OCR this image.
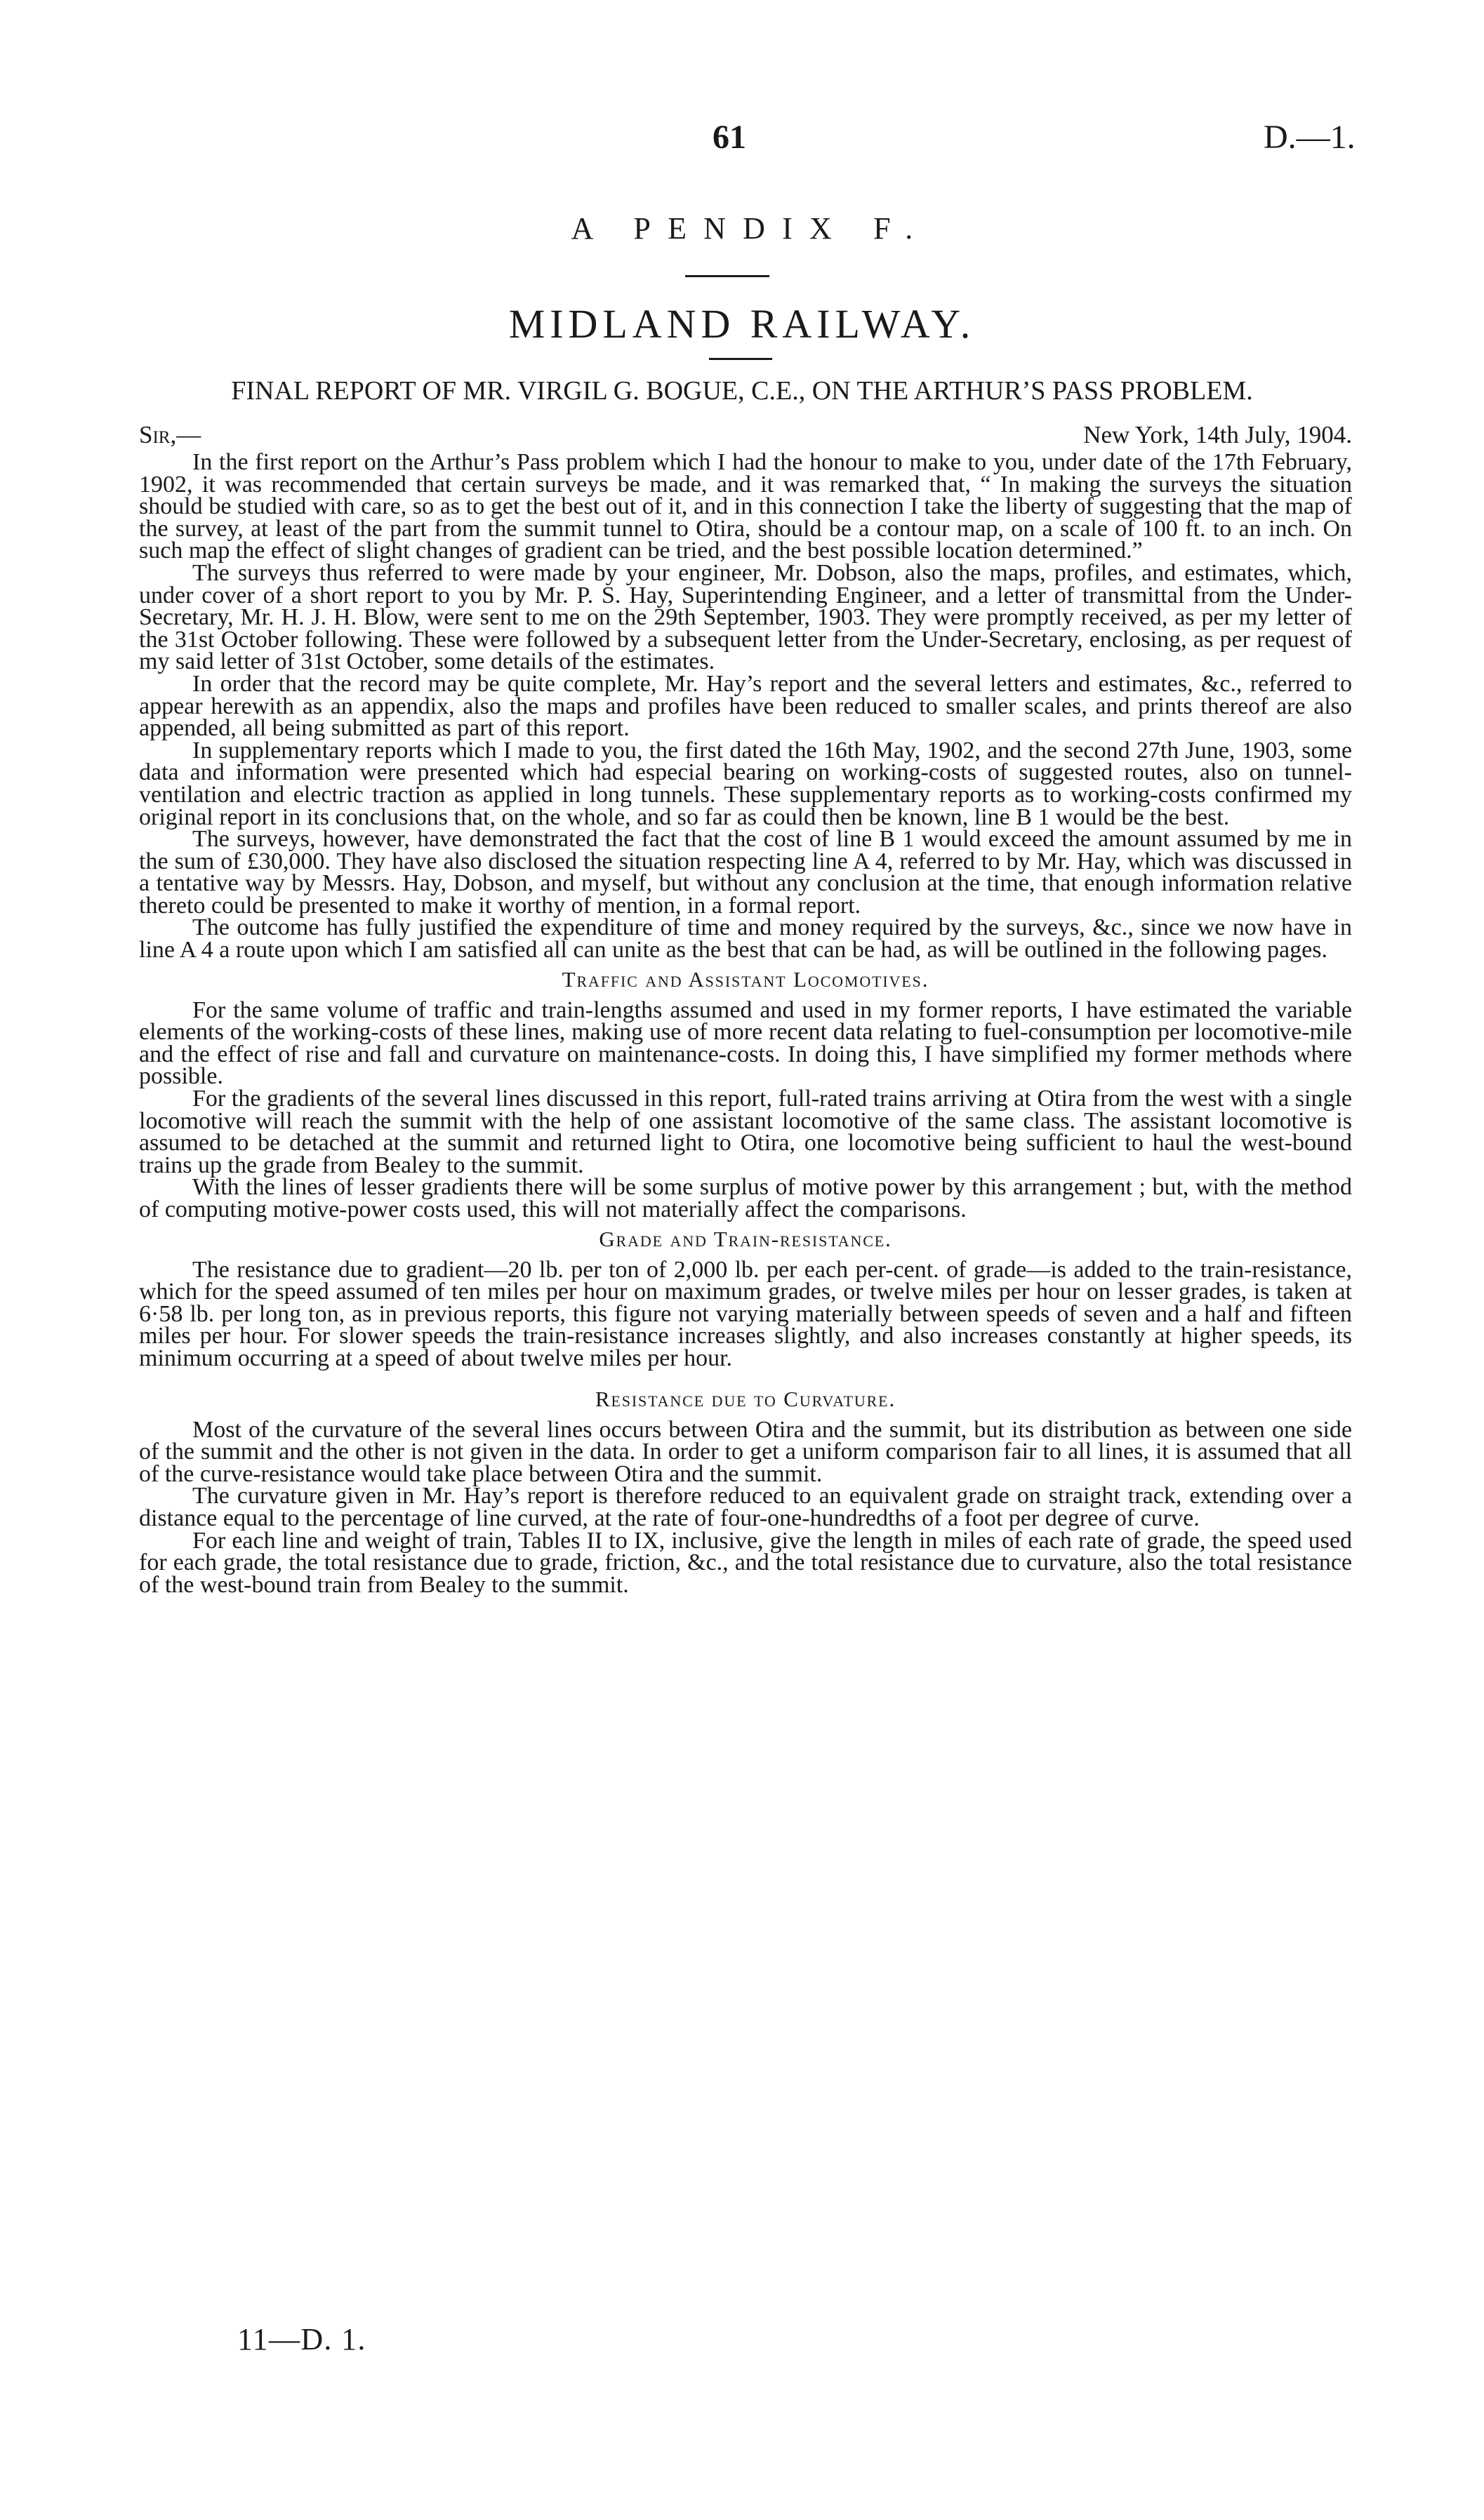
61	D.—1.
A PENDIX F.
MIDLAND RAILWAY.
FINAL REPORT OF MR. VIRGIL G. BOGUE, C.E., ON THE ARTHUR’S PASS PROBLEM.
Sir,—	New York, 14th July, 1904.

In the first report on the Arthur’s Pass problem which I had the honour to make to you, under date of the 17th February, 1902, it was recommended that certain surveys be made, and it was remarked that, “ In making the surveys the situation should be studied with care, so as to get the best out of it, and in this connection I take the liberty of suggesting that the map of the survey, at least of the part from the summit tunnel to Otira, should be a contour map, on a scale of 100 ft. to an inch. On such map the effect of slight changes of gradient can be tried, and the best possible location determined.”

The surveys thus referred to were made by your engineer, Mr. Dobson, also the maps, profiles, and estimates, which, under cover of a short report to you by Mr. P. S. Hay, Superintending Engineer, and a letter of transmittal from the Under-Secretary, Mr. H. J. H. Blow, were sent to me on the 29th September, 1903. They were promptly received, as per my letter of the 31st October following. These were followed by a subsequent letter from the Under-Secretary, enclosing, as per request of my said letter of 31st October, some details of the estimates.

In order that the record may be quite complete, Mr. Hay’s report and the several letters and estimates, &c., referred to appear herewith as an appendix, also the maps and profiles have been reduced to smaller scales, and prints thereof are also appended, all being submitted as part of this report.

In supplementary reports which I made to you, the first dated the 16th May, 1902, and the second 27th June, 1903, some data and information were presented which had especial bearing on working-costs of suggested routes, also on tunnel-ventilation and electric traction as applied in long tunnels. These supplementary reports as to working-costs confirmed my original report in its conclusions that, on the whole, and so far as could then be known, line B 1 would be the best.

The surveys, however, have demonstrated the fact that the cost of line B 1 would exceed the amount assumed by me in the sum of £30,000. They have also disclosed the situation respecting line A 4, referred to by Mr. Hay, which was discussed in a tentative way by Messrs. Hay, Dobson, and myself, but without any conclusion at the time, that enough information relative thereto could be presented to make it worthy of mention, in a formal report.

The outcome has fully justified the expenditure of time and money required by the surveys, &c., since we now have in line A 4 a route upon which I am satisfied all can unite as the best that can be had, as will be outlined in the following pages.

Traffic and Assistant Locomotives.

For the same volume of traffic and train-lengths assumed and used in my former reports, I have estimated the variable elements of the working-costs of these lines, making use of more recent data relating to fuel-consumption per locomotive-mile and the effect of rise and fall and curvature on maintenance-costs. In doing this, I have simplified my former methods where possible.

For the gradients of the several lines discussed in this report, full-rated trains arriving at Otira from the west with a single locomotive will reach the summit with the help of one assistant locomotive of the same class. The assistant locomotive is assumed to be detached at the summit and returned light to Otira, one locomotive being sufficient to haul the west-bound trains up the grade from Bealey to the summit.

With the lines of lesser gradients there will be some surplus of motive power by this arrangement ; but, with the method of computing motive-power costs used, this will not materially affect the comparisons.

Grade and Train-resistance.

The resistance due to gradient—20 lb. per ton of 2,000 lb. per each per-cent. of grade—is added to the train-resistance, which for the speed assumed of ten miles per hour on maximum grades, or twelve miles per hour on lesser grades, is taken at 6·58 lb. per long ton, as in previous reports, this figure not varying materially between speeds of seven and a half and fifteen miles per hour. For slower speeds the train-resistance increases slightly, and also increases constantly at higher speeds, its minimum occurring at a speed of about twelve miles per hour.

Resistance due to Curvature.

Most of the curvature of the several lines occurs between Otira and the summit, but its distribution as between one side of the summit and the other is not given in the data. In order to get a uniform comparison fair to all lines, it is assumed that all of the curve-resistance would take place between Otira and the summit.

The curvature given in Mr. Hay’s report is therefore reduced to an equivalent grade on straight track, extending over a distance equal to the percentage of line curved, at the rate of four-one-hundredths of a foot per degree of curve.

For each line and weight of train, Tables II to IX, inclusive, give the length in miles of each rate of grade, the speed used for each grade, the total resistance due to grade, friction, &c., and the total resistance due to curvature, also the total resistance of the west-bound train from Bealey to the summit.

11—D. 1.
